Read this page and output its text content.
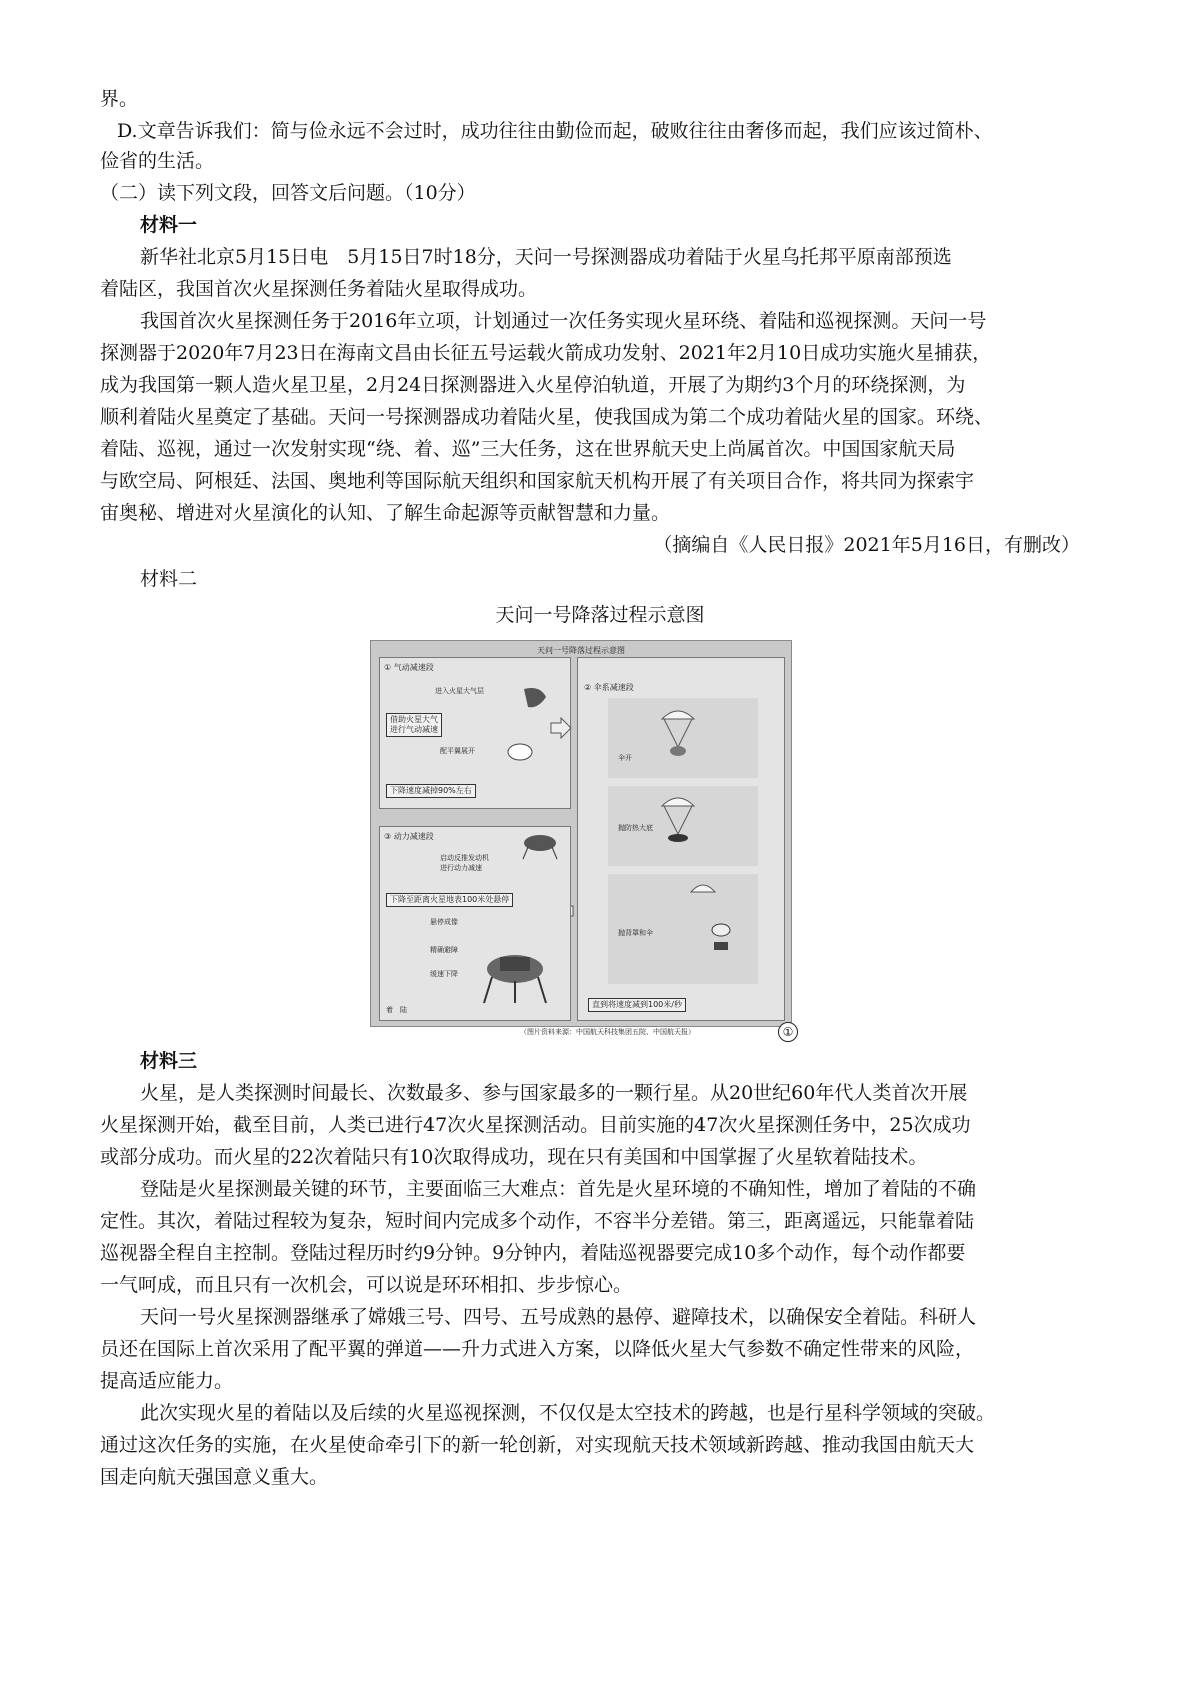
界。
D.文章告诉我们：简与俭永远不会过时，成功往往由勤俭而起，破败往往由奢侈而起，我们应该过简朴、
俭省的生活。
（二）读下列文段，回答文后问题。（10分）
材料一
新华社北京5月15日电　5月15日7时18分，天问一号探测器成功着陆于火星乌托邦平原南部预选
着陆区，我国首次火星探测任务着陆火星取得成功。
我国首次火星探测任务于2016年立项，计划通过一次任务实现火星环绕、着陆和巡视探测。天问一号
探测器于2020年7月23日在海南文昌由长征五号运载火箭成功发射、2021年2月10日成功实施火星捕获，
成为我国第一颗人造火星卫星，2月24日探测器进入火星停泊轨道，开展了为期约3个月的环绕探测，为
顺利着陆火星奠定了基础。天问一号探测器成功着陆火星，使我国成为第二个成功着陆火星的国家。环绕、
着陆、巡视，通过一次发射实现“绕、着、巡”三大任务，这在世界航天史上尚属首次。中国国家航天局
与欧空局、阿根廷、法国、奥地利等国际航天组织和国家航天机构开展了有关项目合作，将共同为探索宇
宙奥秘、增进对火星演化的认知、了解生命起源等贡献智慧和力量。
（摘编自《人民日报》2021年5月16日，有删改）
材料二
天问一号降落过程示意图
天问一号降落过程示意图
① 气动减速段
进入火星大气层
借助火星大气
进行气动减速
配平翼展开
下降速度减掉90%左右
② 伞系减速段
伞开
抛防热大底
抛背罩和伞
直到将速度减到100米/秒
③ 动力减速段
启动反推发动机
进行动力减速
下降至距离火星地表100米处悬停
悬停成像
精确避障
缓速下降
着　陆
（图片资料来源：中国航天科技集团五院、中国航天报）	①
材料三
火星，是人类探测时间最长、次数最多、参与国家最多的一颗行星。从20世纪60年代人类首次开展
火星探测开始，截至目前，人类已进行47次火星探测活动。目前实施的47次火星探测任务中，25次成功
或部分成功。而火星的22次着陆只有10次取得成功，现在只有美国和中国掌握了火星软着陆技术。
登陆是火星探测最关键的环节，主要面临三大难点：首先是火星环境的不确知性，增加了着陆的不确
定性。其次，着陆过程较为复杂，短时间内完成多个动作，不容半分差错。第三，距离遥远，只能靠着陆
巡视器全程自主控制。登陆过程历时约9分钟。9分钟内，着陆巡视器要完成10多个动作，每个动作都要
一气呵成，而且只有一次机会，可以说是环环相扣、步步惊心。
天问一号火星探测器继承了嫦娥三号、四号、五号成熟的悬停、避障技术，以确保安全着陆。科研人
员还在国际上首次采用了配平翼的弹道——升力式进入方案，以降低火星大气参数不确定性带来的风险，
提高适应能力。
此次实现火星的着陆以及后续的火星巡视探测，不仅仅是太空技术的跨越，也是行星科学领域的突破。
通过这次任务的实施，在火星使命牵引下的新一轮创新，对实现航天技术领域新跨越、推动我国由航天大
国走向航天强国意义重大。
